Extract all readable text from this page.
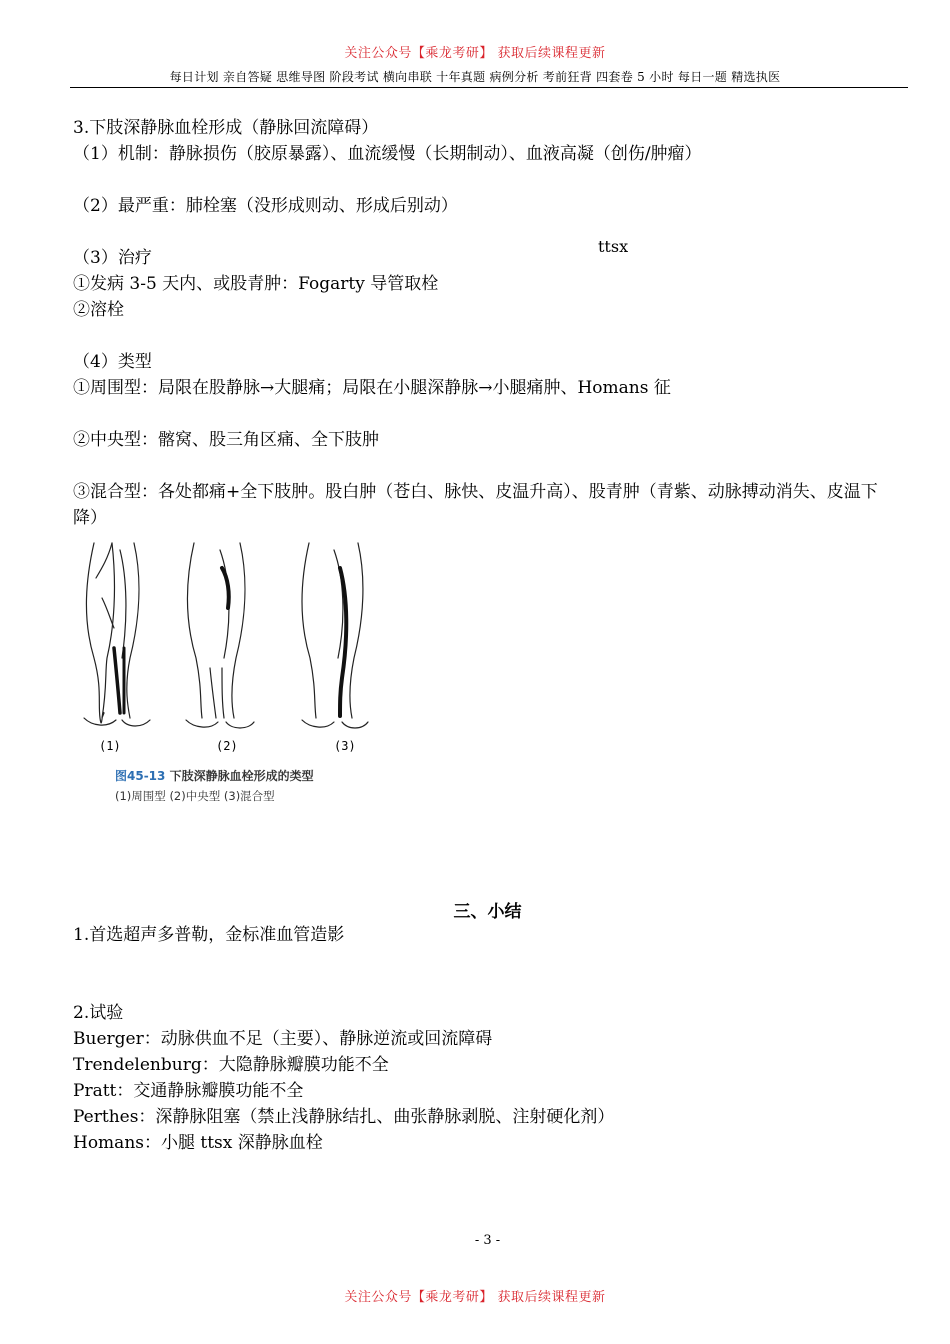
关注公众号【乘龙考研】 获取后续课程更新
每日计划 亲自答疑 思维导图 阶段考试 横向串联 十年真题 病例分析 考前狂背 四套卷 5 小时 每日一题 精选执医
3.下肢深静脉血栓形成（静脉回流障碍）
（1）机制：静脉损伤（胶原暴露）、血流缓慢（长期制动）、血液高凝（创伤/肿瘤）
（2）最严重：肺栓塞（没形成则动、形成后别动）
（3）治疗
ttsx
①发病 3-5 天内、或股青肿：Fogarty 导管取栓
②溶栓
（4）类型
①周围型：局限在股静脉→大腿痛；局限在小腿深静脉→小腿痛肿、Homans 征
②中央型：髂窝、股三角区痛、全下肢肿
③混合型：各处都痛+全下肢肿。股白肿（苍白、脉快、皮温升高）、股青肿（青紫、动脉搏动消失、皮温下降）
(1)	(2)	(3)
图45-13 下肢深静脉血栓形成的类型
(1)周围型 (2)中央型 (3)混合型
三、小结
1.首选超声多普勒，金标准血管造影
2.试验
Buerger：动脉供血不足（主要）、静脉逆流或回流障碍
Trendelenburg：大隐静脉瓣膜功能不全
Pratt：交通静脉瓣膜功能不全
Perthes：深静脉阻塞（禁止浅静脉结扎、曲张静脉剥脱、注射硬化剂）
Homans：小腿 ttsx 深静脉血栓
- 3 -
关注公众号【乘龙考研】 获取后续课程更新
